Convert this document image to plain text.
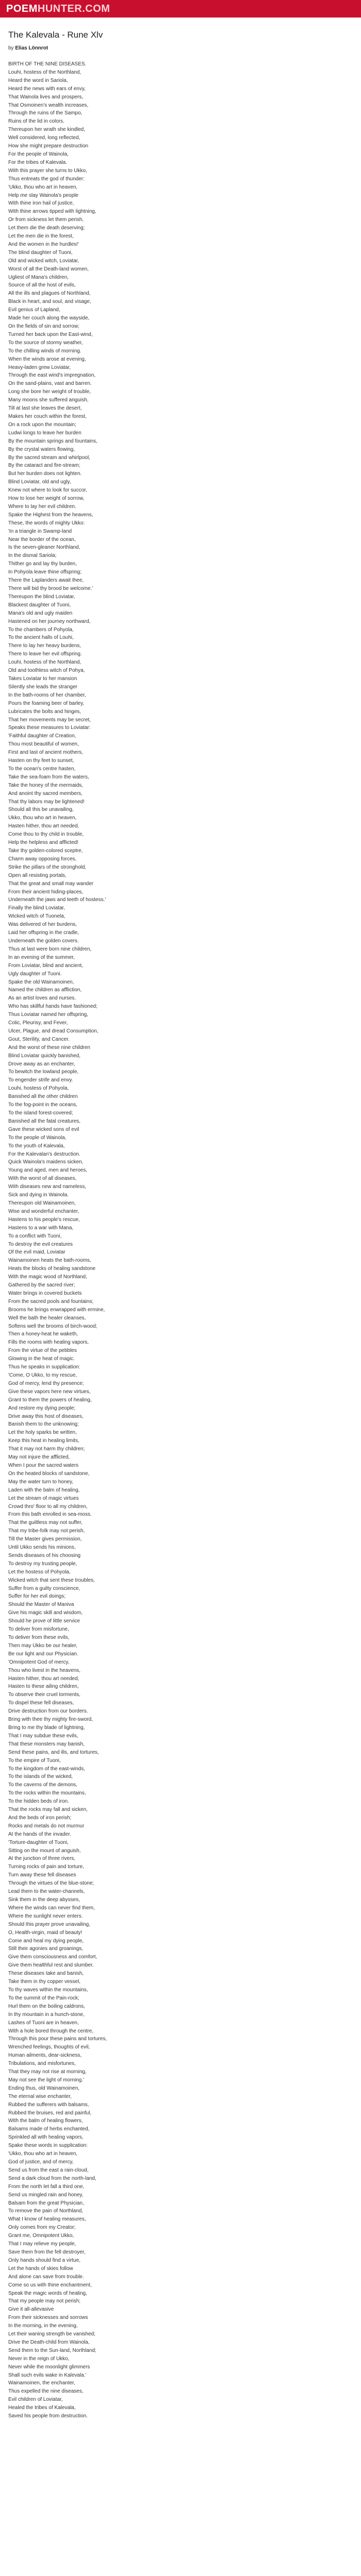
POEMHUNTER.COM
The Kalevala - Rune Xlv

by Elias Lönnrot

BIRTH OF THE NINE DISEASES.
Louhi, hostess of the Northland,
Heard the word in Sariola,
Heard the news with ears of envy,
That Wainola lives and prospers,
That Osmoinen's wealth increases,
Through the ruins of the Sampo,
Ruins of the lid in colors.
Thereupon her wrath she kindled,
Well considered, long reflected,
How she might prepare destruction
For the people of Wainola,
For the tribes of Kalevala.
With this prayer she turns to Ukko,
Thus entreats the god of thunder:
'Ukko, thou who art in heaven,
Help me slay Wainola's people
With thine iron hail of justice,
With thine arrows tipped with lightning,
Or from sickness let them perish,
Let them die the death deserving;
Let the men die in the forest,
And the women in the hurdles!'
The blind daughter of Tuoni,
Old and wicked witch, Loviatar,
Worst of all the Death-land women,
Ugliest of Mana's children,
Source of all the host of evils,
All the ills and plagues of Northland,
Black in heart, and soul, and visage,
Evil genius of Lapland,
Made her couch along the wayside,
On the fields of sin and sorrow;
Turned her back upon the East-wind,
To the source of stormy weather,
To the chilling winds of morning.
When the winds arose at evening,
Heavy-laden grew Loviatar,
Through the east wind's impregnation,
On the sand-plains, vast and barren.
Long she bore her weight of trouble,
Many moons she suffered anguish,
Till at last she leaves the desert,
Makes her couch within the forest,
On a rock upon the mountain;
Ludwi longs to leave her burden
By the mountain springs and fountains,
By the crystal waters flowing,
By the sacred stream and whirlpool,
By the cataract and fire-stream;
But her burden does not lighten.
Blind Loviatar, old and ugly,
Knew not where to look for succor,
How to lose her weight of sorrow,
Where to lay her evil children.
Spake the Highest from the heavens,
These, the words of mighty Ukko:
'In a triangle in Swamp-land
Near the border of the ocean,
Is the seven-gleaner Northland,
In the dismal Sariola;
Thither go and lay thy burden,
In Pohyola leave thine offspring;
There the Laplanders await thee,
There will bid thy brood be welcome.'
Thereupon the blind Loviatar,
Blackest daughter of Tuoni,
Mana's old and ugly maiden
Hastened on her journey northward,
To the chambers of Pohyola,
To the ancient halls of Louhi,
There to lay her heavy burdens,
There to leave her evil offspring.
Louhi, hostess of the Northland,
Old and toothless witch of Pohya,
Takes Loviatar to her mansion
Silently she leads the stranger
In the bath-rooms of her chamber,
Pours the foaming beer of barley,
Lubricates the bolts and hinges,
That her movements may be secret,
Speaks these measures to Loviatar:
'Faithful daughter of Creation,
Thou most beautiful of women,
First and last of ancient mothers,
Hasten on thy feet to sunset,
To the ocean's centre hasten,
Take the sea-foam from the waters,
Take the honey of the mermaids,
And anoint thy sacred members,
That thy labors may be lightened!
Should all this be unavailing,
Ukko, thou who art in heaven,
Hasten hither, thou art needed,
Come thou to thy child in trouble,
Help the helpless and afflicted!
Take thy golden-colored sceptre,
Charm away opposing forces,
Strike the pillars of the stronghold,
Open all resisting portals,
That the great and small may wander
From their ancient hiding-places,
Underneath the jaws and teeth of hostess.'
Finally the blind Loviatar,
Wicked witch of Tuonela,
Was delivered of her burdens,
Laid her offspring in the cradle,
Underneath the golden covers.
Thus at last were born nine children,
In an evening of the summer,
From Loviatar, blind and ancient,
Ugly daughter of Tuoni.
Spake the old Wainamoinen,
Named the children as affliction,
As an artist loves and nurses.
Who has skillful hands have fashioned;
Thus Loviatar named her offspring,
Colic, Pleurisy, and Fever,
Ulcer, Plague, and dread Consumption,
Gout, Sterility, and Cancer.
And the worst of these nine children
Blind Loviatar quickly banished,
Drove away as an enchanter,
To bewitch the lowland people,
To engender strife and envy.
Louhi, hostess of Pohyola,
Banished all the other children
To the fog-point in the oceans,
To the island forest-covered;
Banished all the fatal creatures,
Gave these wicked sons of evil
To the people of Wainola,
To the youth of Kalevala,
For the Kalevalan's destruction.
Quick Wainola's maidens sicken,
Young and aged, men and heroes,
With the worst of all diseases,
With diseases new and nameless,
Sick and dying in Wainola.
Thereupon old Wainamoinen,
Wise and wonderful enchanter,
Hastens to his people's rescue,
Hastens to a war with Mana,
To a conflict with Tuoni,
To destroy the evil creatures
Of the evil maid, Loviatar
Wainamoinen heats the bath-rooms,
Heats the blocks of healing sandstone
With the magic wood of Northland,
Gathered by the sacred river;
Water brings in covered buckets
From the sacred pools and fountains;
Brooms he brings enwrapped with ermine,
Well the bath the healer cleanses,
Softens well the brooms of birch-wood;
Then a honey-heat he waketh,
Fills the rooms with healing vapors,
From the virtue of the pebbles
Glowing in the heat of magic.
Thus he speaks in supplication:
'Come, O Ukko, to my rescue,
God of mercy, lend thy presence;
Give these vapors here new virtues,
Grant to them the powers of healing,
And restore my dying people;
Drive away this host of diseases,
Banish them to the unknowing;
Let the holy sparks be written,
Keep this heat in healing limits,
That it may not harm thy children;
May not injure the afflicted,
When I pour the sacred waters
On the heated blocks of sandstone,
May the water turn to honey,
Laden with the balm of healing,
Let the stream of magic virtues
Crowd thro' floor to all my children,
From this bath enrolled in sea-moss.
That the guiltless may not suffer,
That my tribe-folk may not perish,
Till the Master gives permission,
Until Ukko sends his minions,
Sends diseases of his choosing
To destroy my trusting people,
Let the hostess of Pohyola,
Wicked witch that sent these troubles,
Suffer from a guilty conscience,
Suffer for her evil doings;
Should the Master of Maniva
Give his magic skill and wisdom,
Should he prove of little service
To deliver from misfortune,
To deliver from these evils,
Then may Ukko be our healer,
Be our light and our Physician.
'Omnipotent God of mercy,
Thou who livest in the heavens,
Hasten hither, thou art needed,
Hasten to these ailing children,
To observe their cruel torments,
To dispel these fell diseases,
Drive destruction from our borders.
Bring with thee thy mighty fire-sword,
Bring to me thy blade of lightning,
That I may subdue these evils,
That these monsters may banish,
Send these pains, and ills, and tortures,
To the empire of Tuoni,
To the kingdom of the east-winds,
To the islands of the wicked,
To the caverns of the demons,
To the rocks within the mountains,
To the hidden beds of iron.
That the rocks may fall and sicken,
And the beds of iron perish;
Rocks and metals do not murmur
At the hands of the invader.
'Torture-daughter of Tuoni,
Sitting on the mount of anguish,
At the junction of three rivers,
Turning rocks of pain and torture,
Turn away these fell diseases
Through the virtues of the blue-stone;
Lead them to the water-channels,
Sink them in the deep abysses,
Where the winds can never find them,
Where the sunlight never enters.
Should this prayer prove unavailing,
O, Health-virgin, maid of beauty!
Come and heal my dying people,
Still their agonies and groanings,
Give them consciousness and comfort,
Give them healthful rest and slumber.
These diseases take and banish,
Take them in thy copper vessel,
To thy waves within the mountains,
To the summit of the Pain-rock;
Hurl them on the boiling caldrons,
In thy mountain in a hunch-stone,
Lashes of Tuoni are in heaven,
With a hole bored through the centre,
Through this pour these pains and tortures,
Wrenched feelings, thoughts of evil,
Human ailments, dear-sickness,
Tribulations, and misfortunes,
That they may not rise at morning,
May not see the light of morning.'
Ending thus, old Wainamoinen,
The eternal wise enchanter,
Rubbed the sufferers with balsams,
Rubbed the bruises, red and painful,
With the balm of healing flowers,
Balsams made of herbs enchanted,
Sprinkled all with healing vapors,
Spake these words in supplication:
'Ukko, thou who art in heaven,
God of justice, and of mercy,
Send us from the east a rain-cloud,
Send a dark cloud from the north-land,
From the north let fall a third one,
Send us mingled rain and honey,
Balsam from the great Physician,
To remove the pain of Northland,
What I know of healing measures,
Only comes from my Creator;
Grant me, Omnipotent Ukko,
That I may relieve my people,
Save them from the fell destroyer,
Only hands should find a virtue,
Let the hands of skies follow
And alone can save from trouble.
Come so us with thine enchantment,
Speak the magic words of healing,
That my people may not perish;
Give it all-allevasive
From their sicknesses and sorrows
In the morning, in the evening,
Let their waning strength be vanished;
Drive the Death-child from Wainola,
Send them to the Sun-land, Northland;
Never in the reign of Ukko,
Never while the moonlight glimmers
Shall such evils wake in Kalevala.'
Wainamoinen, the enchanter,
Thus expelled the nine diseases,
Evil children of Loviatar,
Healed the tribes of Kalevala,
Saved his people from destruction.
